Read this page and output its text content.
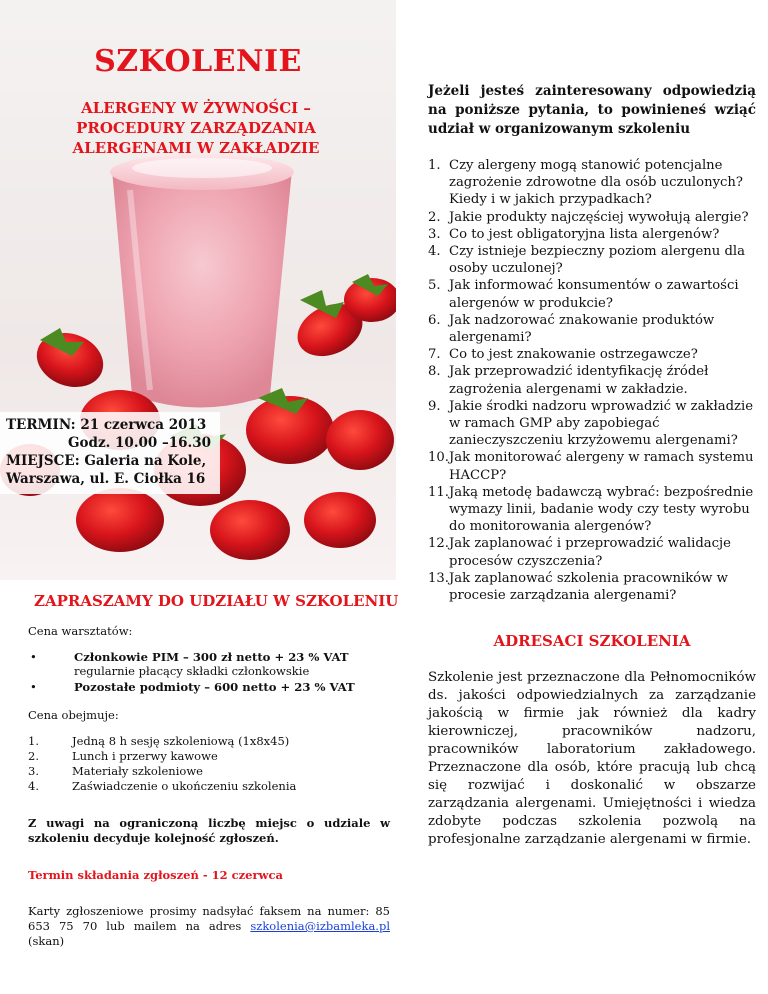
SZKOLENIE
ALERGENY W ŻYWNOŚCI – PROCEDURY ZARZĄDZANIA ALERGENAMI W ZAKŁADZIE
TERMIN: 21 czerwca 2013
Godz. 10.00 –16.30
MIEJSCE: Galeria na Kole,
Warszawa, ul. E. Ciołka 16

Jeżeli jesteś zainteresowany odpowiedzią na poniższe pytania, to powinieneś wziąć udział w organizowanym szkoleniu

1. Czy alergeny mogą stanowić potencjalne zagrożenie zdrowotne dla osób uczulonych? Kiedy i w jakich przypadkach?
2. Jakie produkty najczęściej wywołują alergie?
3. Co to jest obligatoryjna lista alergenów?
4. Czy istnieje bezpieczny poziom alergenu dla osoby uczulonej?
5. Jak informować konsumentów o zawartości alergenów w produkcie?
6. Jak nadzorować znakowanie produktów alergenami?
7. Co to jest znakowanie ostrzegawcze?
8. Jak przeprowadzić identyfikację źródeł zagrożenia alergenami w zakładzie.
9. Jakie środki nadzoru wprowadzić w zakładzie w ramach GMP aby zapobiegać zanieczyszczeniu krzyżowemu alergenami?
10. Jak monitorować alergeny w ramach systemu HACCP?
11. Jaką metodę badawczą wybrać: bezpośrednie wymazy linii, badanie wody czy testy wyrobu do monitorowania alergenów?
12. Jak zaplanować i przeprowadzić walidacje procesów czyszczenia?
13. Jak zaplanować szkolenia pracowników w procesie zarządzania alergenami?
ZAPRASZAMY DO UDZIAŁU W SZKOLENIU
Cena warsztatów:
•	Członkowie PIM – 300 zł netto + 23 % VAT
regularnie płacący składki członkowskie
•	Pozostałe podmioty – 600 netto + 23 % VAT
Cena obejmuje:
1.	Jedną 8 h sesję szkoleniową (1x8x45)
2.	Lunch i przerwy kawowe
3.	Materiały szkoleniowe
4.	Zaświadczenie o ukończeniu szkolenia
Z uwagi na ograniczoną liczbę miejsc o udziale w szkoleniu decyduje kolejność zgłoszeń.
Termin składania zgłoszeń - 12 czerwca
Karty zgłoszeniowe prosimy nadsyłać faksem na numer: 85 653 75 70 lub mailem na adres szkolenia@izbamleka.pl (skan)
ADRESACI SZKOLENIA
Szkolenie jest przeznaczone dla Pełnomocników ds. jakości odpowiedzialnych za zarządzanie jakością w firmie jak również dla kadry kierowniczej, pracowników nadzoru, pracowników laboratorium zakładowego. Przeznaczone dla osób, które pracują lub chcą się rozwijać i doskonalić w obszarze zarządzania alergenami. Umiejętności i wiedza zdobyte podczas szkolenia pozwolą na profesjonalne zarządzanie alergenami w firmie.
